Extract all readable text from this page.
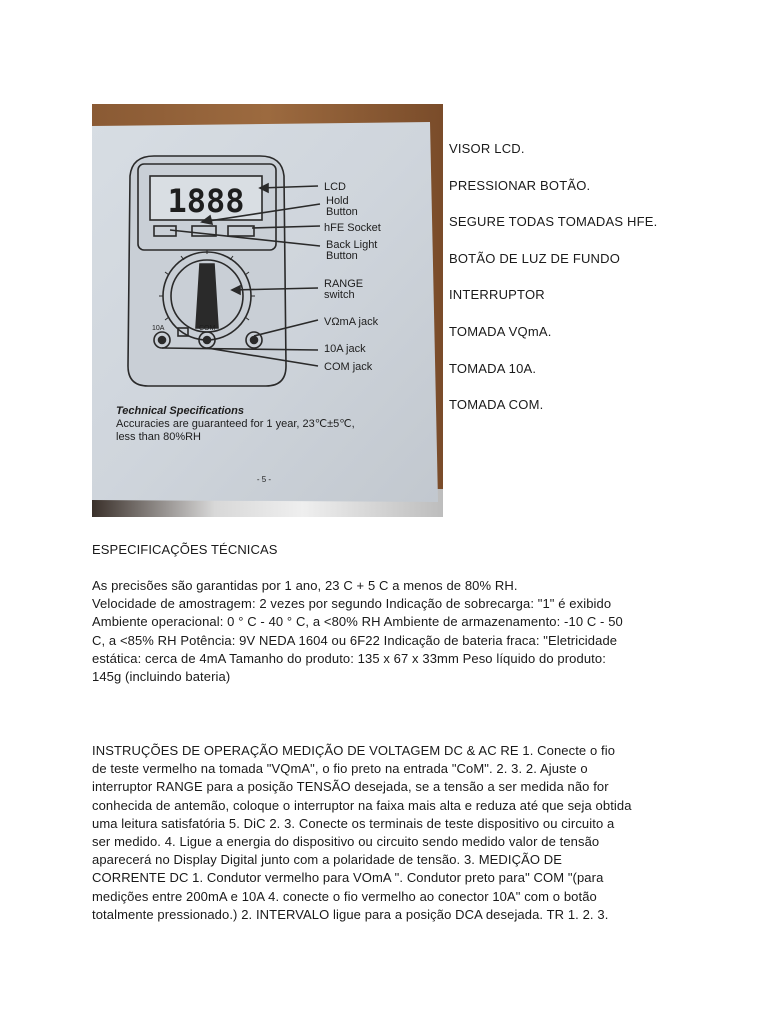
1888
10A	COM
LCD
Hold
Button
hFE Socket
Back Light
Button
RANGE
switch
VΩmA jack
10A jack
COM jack
Technical Specifications
Accuracies are guaranteed for 1 year, 23℃±5℃,
less than 80%RH
- 5 -
VISOR LCD.
PRESSIONAR BOTÃO.
SEGURE TODAS TOMADAS HFE.
BOTÃO DE LUZ DE FUNDO
INTERRUPTOR
TOMADA VQmA.
TOMADA 10A.
TOMADA COM.

ESPECIFICAÇÕES TÉCNICAS

As precisões são garantidas por 1 ano, 23 C + 5 C a menos de 80% RH.

Velocidade de amostragem: 2 vezes por segundo Indicação de sobrecarga: "1" é exibido

Ambiente operacional: 0 ° C - 40 ° C, a <80% RH Ambiente de armazenamento: -10 C - 50

C, a <85% RH Potência: 9V NEDA 1604 ou 6F22 Indicação de bateria fraca: "Eletricidade

estática: cerca de 4mA Tamanho do produto: 135 x 67 x 33mm Peso líquido do produto:

145g (incluindo bateria)

INSTRUÇÕES DE OPERAÇÃO MEDIÇÃO DE VOLTAGEM DC & AC RE 1. Conecte o fio

de teste vermelho na tomada "VQmA", o fio preto na entrada "CoM". 2. 3. 2. Ajuste o

interruptor RANGE para a posição TENSÃO desejada, se a tensão a ser medida não for

conhecida de antemão, coloque o interruptor na faixa mais alta e reduza até que seja obtida

uma leitura satisfatória 5. DiC 2. 3. Conecte os terminais de teste dispositivo ou circuito a

ser medido. 4. Ligue a energia do dispositivo ou circuito sendo medido valor de tensão

aparecerá no Display Digital junto com a polaridade de tensão. 3. MEDIÇÃO DE

CORRENTE DC 1. Condutor vermelho para VOmA ". Condutor preto para" COM "(para

medições entre 200mA e 10A 4. conecte o fio vermelho ao conector 10A" com o botão

totalmente pressionado.) 2. INTERVALO ligue para a posição DCA desejada. TR 1. 2. 3.
